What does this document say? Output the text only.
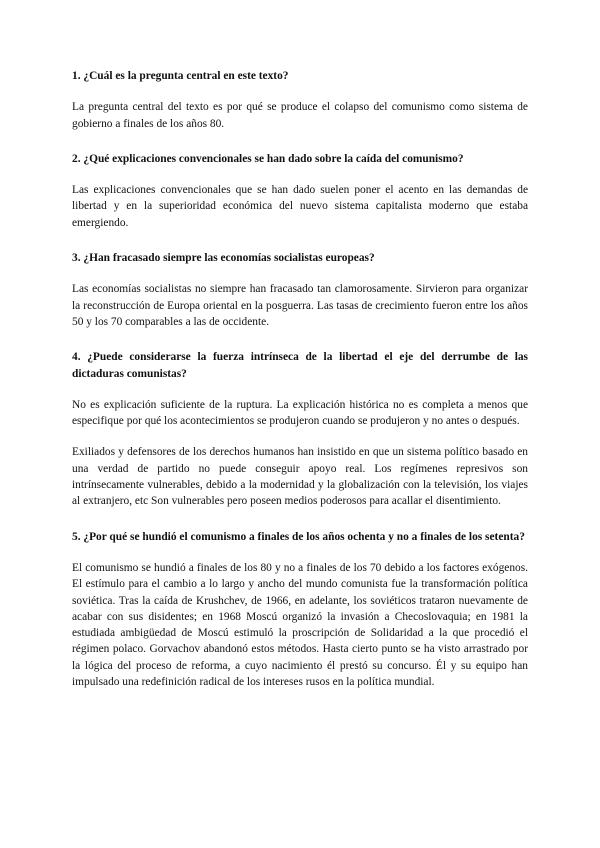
1. ¿Cuál es la pregunta central en este texto?

La pregunta central del texto es por qué se produce el colapso del comunismo como sistema de gobierno a finales de los años 80.

2. ¿Qué explicaciones convencionales se han dado sobre la caída del comunismo?

Las explicaciones convencionales que se han dado suelen poner el acento en las demandas de libertad y en la superioridad económica del nuevo sistema capitalista moderno que estaba emergiendo.

3. ¿Han fracasado siempre las economías socialistas europeas?

Las economías socialistas no siempre han fracasado tan clamorosamente. Sirvieron para organizar la reconstrucción de Europa oriental en la posguerra. Las tasas de crecimiento fueron entre los años 50 y los 70 comparables a las de occidente.

4. ¿Puede considerarse la fuerza intrínseca de la libertad el eje del derrumbe de las dictaduras comunistas?

No es explicación suficiente de la ruptura. La explicación histórica no es completa a menos que especifique por qué los acontecimientos se produjeron cuando se produjeron y no antes o después.

Exiliados y defensores de los derechos humanos han insistido en que un sistema político basado en una verdad de partido no puede conseguir apoyo real. Los regímenes represivos son intrínsecamente vulnerables, debido a la modernidad y la globalización con la televisión, los viajes al extranjero, etc Son vulnerables pero poseen medios poderosos para acallar el disentimiento.

5. ¿Por qué se hundió el comunismo a finales de los años ochenta y no a finales de los setenta?

El comunismo se hundió a finales de los 80 y no a finales de los 70 debido a los factores exógenos. El estímulo para el cambio a lo largo y ancho del mundo comunista fue la transformación política soviética. Tras la caída de Krushchev, de 1966, en adelante, los soviéticos trataron nuevamente de acabar con sus disidentes; en 1968 Moscú organizó la invasión a Checoslovaquia; en 1981 la estudiada ambigüedad de Moscú estimuló la proscripción de Solidaridad a la que procedió el régimen polaco. Gorvachov abandonó estos métodos. Hasta cierto punto se ha visto arrastrado por la lógica del proceso de reforma, a cuyo nacimiento él prestó su concurso. Él y su equipo han impulsado una redefinición radical de los intereses rusos en la política mundial.
